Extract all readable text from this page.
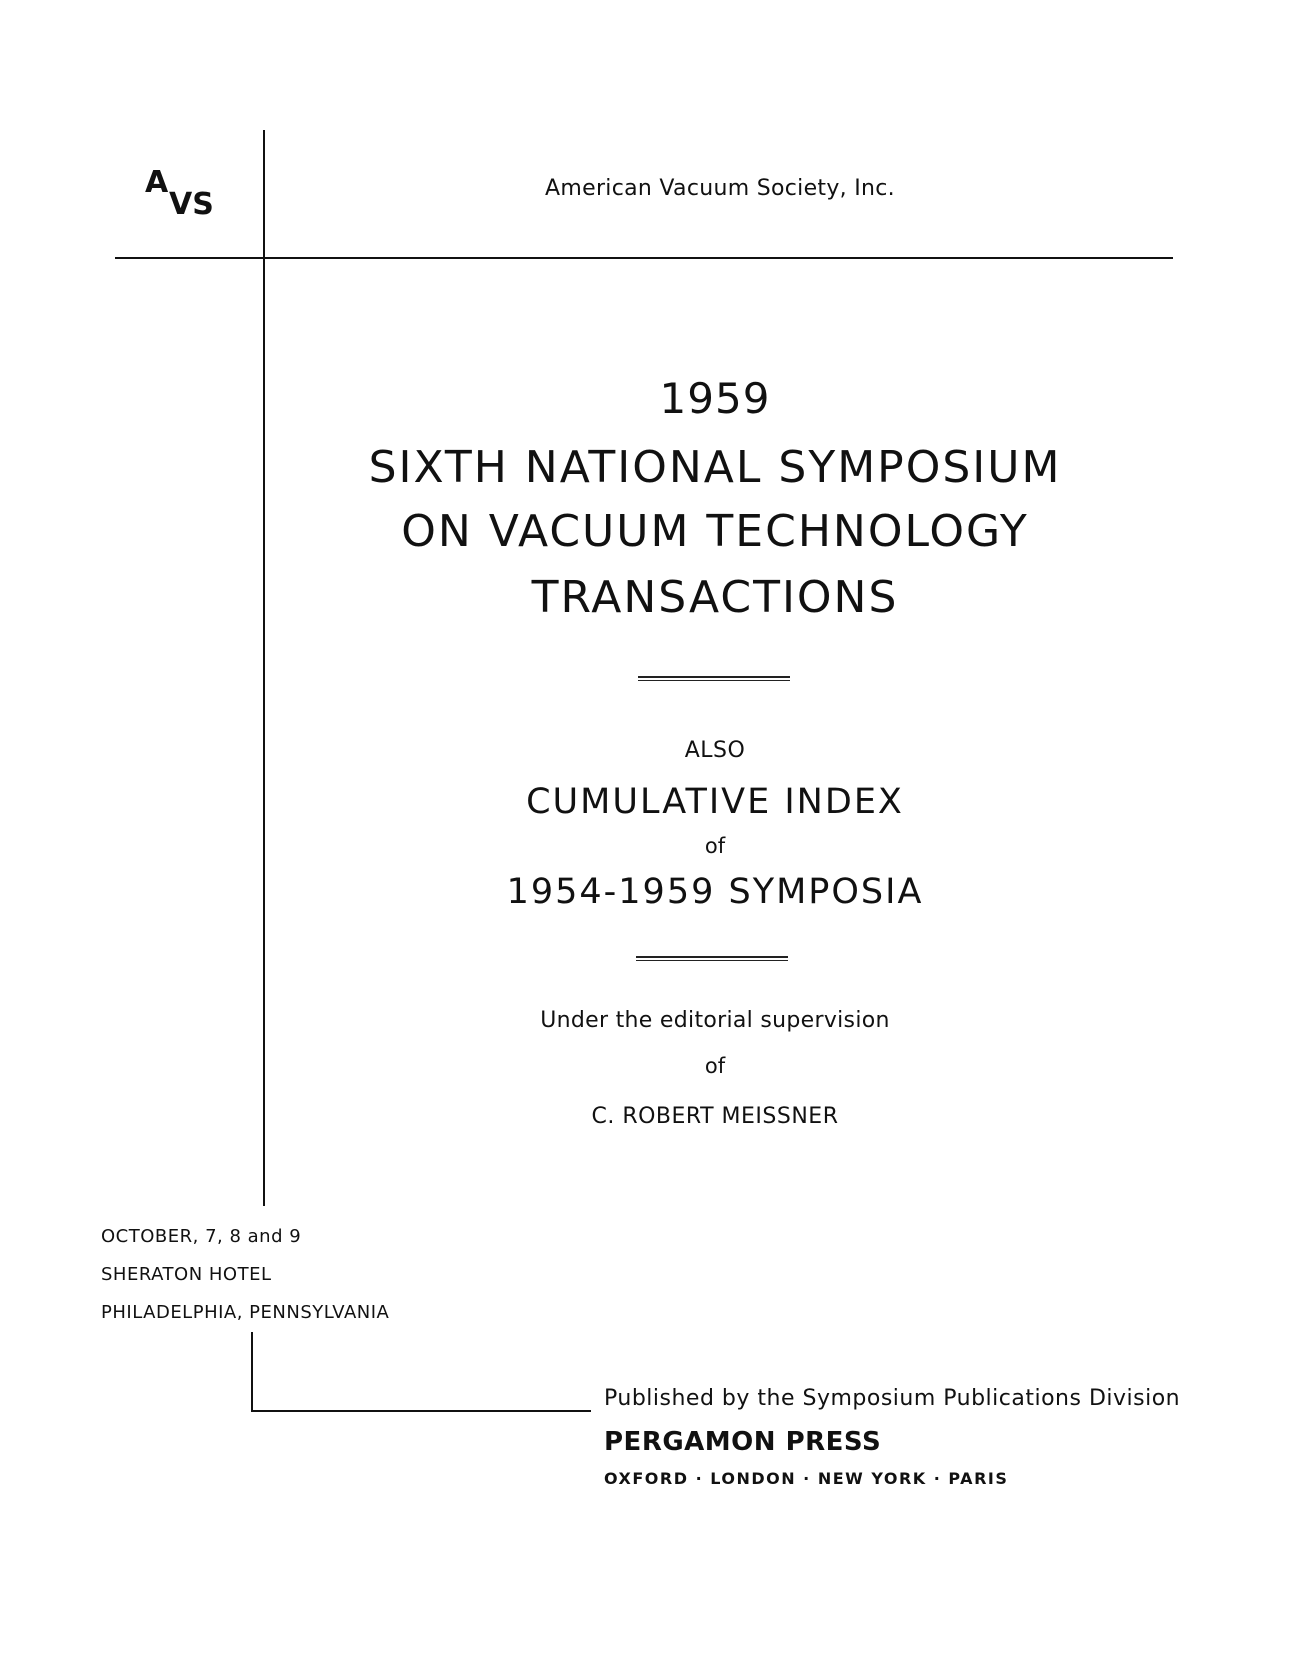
A
VS	American Vacuum Society, Inc.
1959
SIXTH NATIONAL SYMPOSIUM
ON VACUUM TECHNOLOGY
TRANSACTIONS
ALSO
CUMULATIVE INDEX
of
1954-1959 SYMPOSIA
Under the editorial supervision
of
C. ROBERT MEISSNER
OCTOBER, 7, 8 and 9
SHERATON HOTEL
PHILADELPHIA, PENNSYLVANIA
Published by the Symposium Publications Division
PERGAMON PRESS
OXFORD · LONDON · NEW YORK · PARIS
